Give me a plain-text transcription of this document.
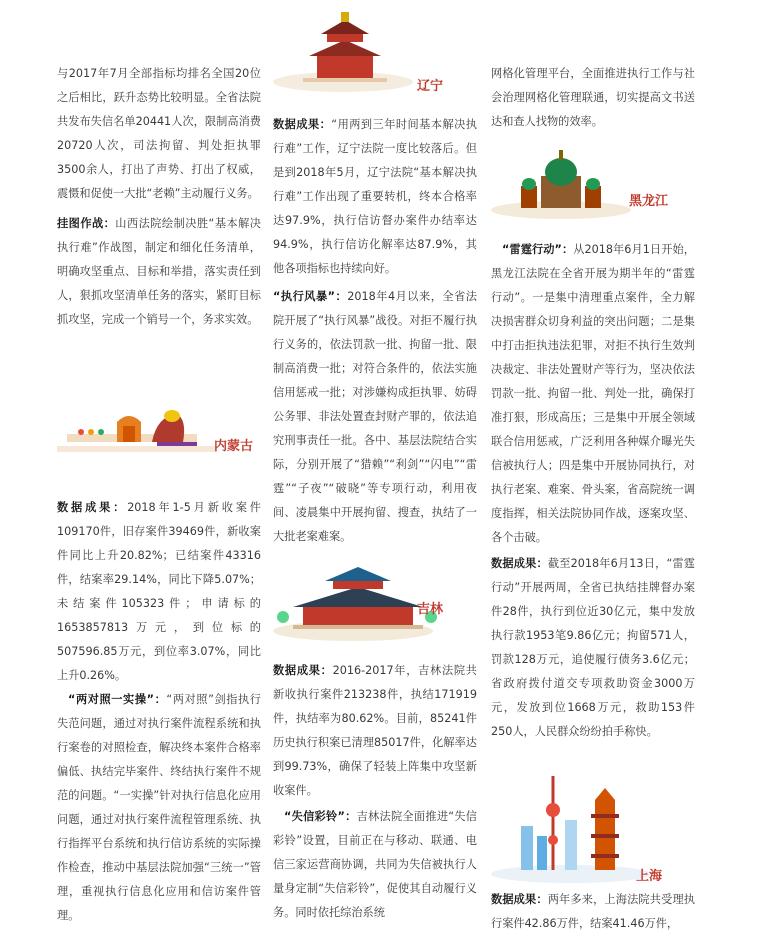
与2017年7月全部指标均排名全国20位之后相比，跃升态势比较明显。全省法院共发布失信名单20441人次，限制高消费20720人次，司法拘留、判处拒执罪3500余人，打出了声势、打出了权威，震慑和促使一大批“老赖”主动履行义务。

挂图作战：山西法院绘制决胜“基本解决执行难”作战图，制定和细化任务清单，明确攻坚重点、目标和举措，落实责任到人，狠抓攻坚清单任务的落实，紧盯目标抓攻坚，完成一个销号一个，务求实效。

内蒙古

数据成果：2018年1-5月新收案件109170件，旧存案件39469件，新收案件同比上升20.82%；已结案件43316件，结案率29.14%，同比下降5.07%；未结案件105323件；申请标的1653857813万元，到位标的507596.85万元，到位率3.07%，同比上升0.26%。

“两对照一实操”：“两对照”剑指执行失范问题，通过对执行案件流程系统和执行案卷的对照检查，解决终本案件合格率偏低、执结完毕案件、终结执行案件不规范的问题。“一实操”针对执行信息化应用问题，通过对执行案件流程管理系统、执行指挥平台系统和执行信访系统的实际操作检查，推动中基层法院加强“三统一”管理，重视执行信息化应用和信访案件管理。

辽宁

数据成果：“用两到三年时间基本解决执行难”工作，辽宁法院一度比较落后。但是到2018年5月，辽宁法院“基本解决执行难”工作出现了重要转机，终本合格率达97.9%，执行信访督办案件办结率达94.9%，执行信访化解率达87.9%，其他各项指标也持续向好。

“执行风暴”：2018年4月以来，全省法院开展了“执行风暴”战役。对拒不履行执行义务的，依法罚款一批、拘留一批、限制高消费一批；对符合条件的，依法实施信用惩戒一批；对涉嫌构成拒执罪、妨碍公务罪、非法处置查封财产罪的，依法追究刑事责任一批。各中、基层法院结合实际，分别开展了“猎赖”“利剑”“闪电”“雷霆”“子夜”“破晓”等专项行动，利用夜间、凌晨集中开展拘留、搜查，执结了一大批老案难案。

吉林

数据成果：2016-2017年，吉林法院共新收执行案件213238件，执结171919件，执结率为80.62%。目前，85241件历史执行积案已清理85017件，化解率达到99.73%，确保了轻装上阵集中攻坚新收案件。

“失信彩铃”：吉林法院全面推进“失信彩铃”设置，目前正在与移动、联通、电信三家运营商协调，共同为失信被执行人量身定制“失信彩铃”，促使其自动履行义务。同时依托综治系统

网格化管理平台，全面推进执行工作与社会治理网格化管理联通，切实提高文书送达和查人找物的效率。

黑龙江

“雷霆行动”：从2018年6月1日开始，黑龙江法院在全省开展为期半年的“雷霆行动”。一是集中清理重点案件，全力解决损害群众切身利益的突出问题；二是集中打击拒执违法犯罪，对拒不执行生效判决裁定、非法处置财产等行为，坚决依法罚款一批、拘留一批、判处一批，确保打准打狠，形成高压；三是集中开展全领域联合信用惩戒，广泛利用各种媒介曝光失信被执行人；四是集中开展协同执行，对执行老案、难案、骨头案，省高院统一调度指挥，相关法院协同作战，逐案攻坚、各个击破。

数据成果：截至2018年6月13日，“雷霆行动”开展两周，全省已执结挂牌督办案件28件，执行到位近30亿元，集中发放执行款1953笔9.86亿元；拘留571人，罚款128万元，追使履行债务3.6亿元；省政府拨付道交专项救助资金3000万元，发放到位1668万元，救助153件250人，人民群众纷纷拍手称快。

上海

数据成果：两年多来，上海法院共受理执行案件42.86万件，结案41.46万件，
